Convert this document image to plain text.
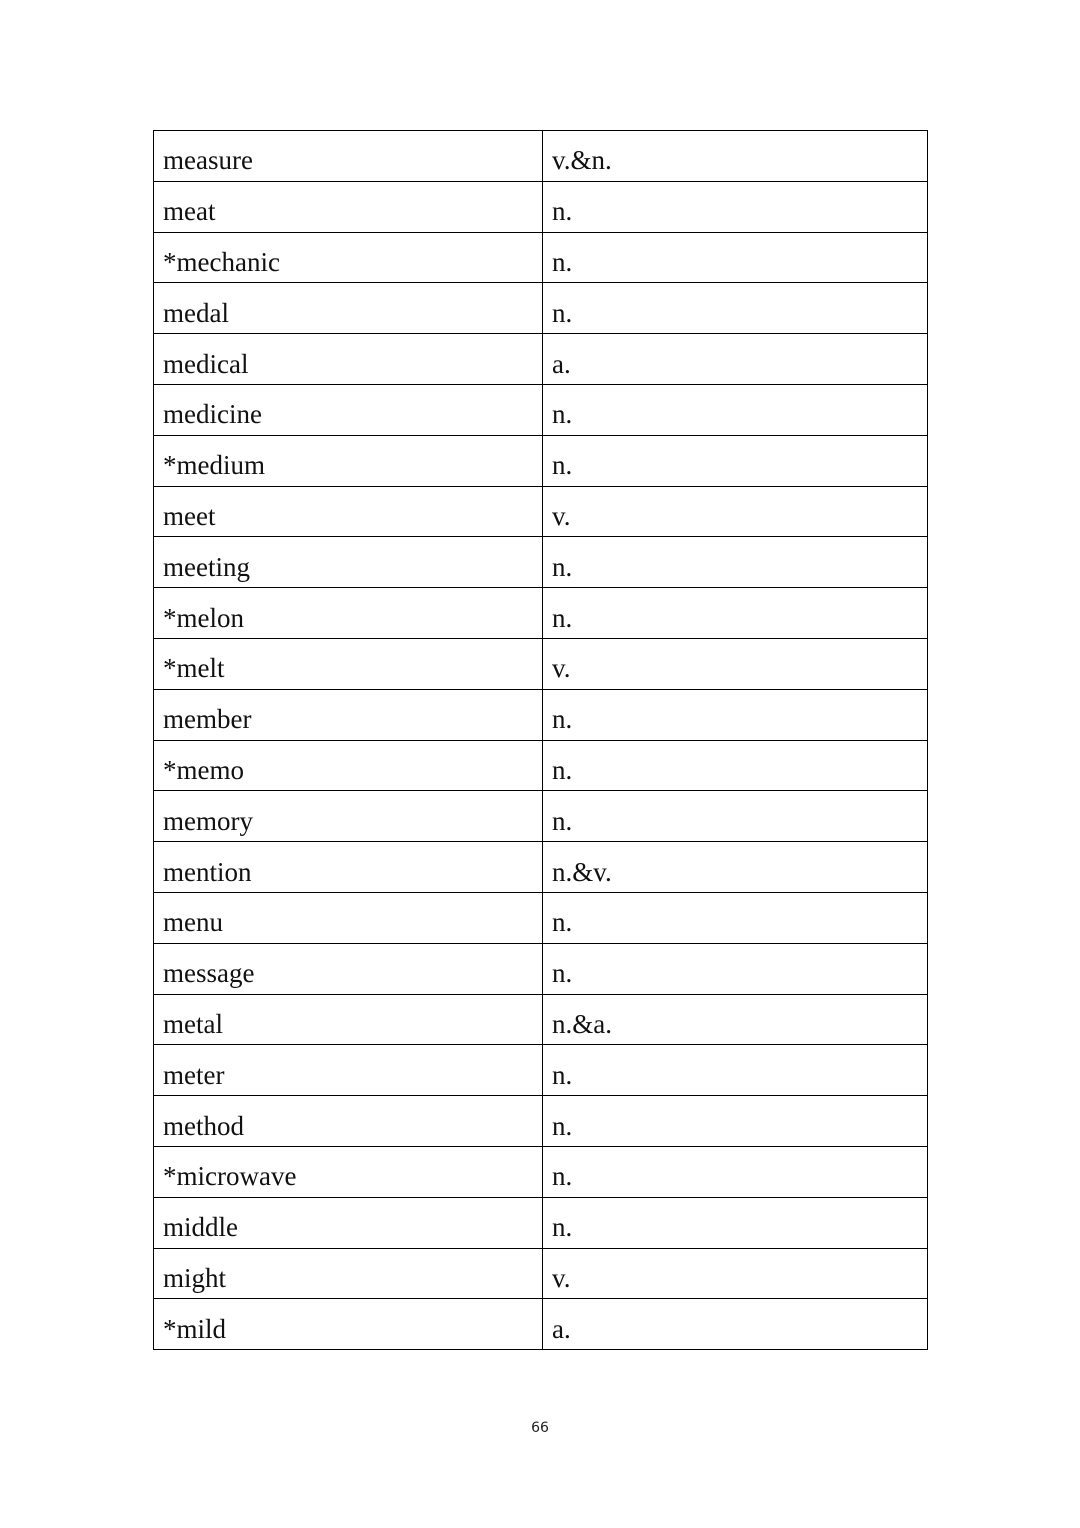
measure	v.&n.
meat	n.
*mechanic	n.
medal	n.
medical	a.
medicine	n.
*medium	n.
meet	v.
meeting	n.
*melon	n.
*melt	v.
member	n.
*memo	n.
memory	n.
mention	n.&v.
menu	n.
message	n.
metal	n.&a.
meter	n.
method	n.
*microwave	n.
middle	n.
might	v.
*mild	a.
66
